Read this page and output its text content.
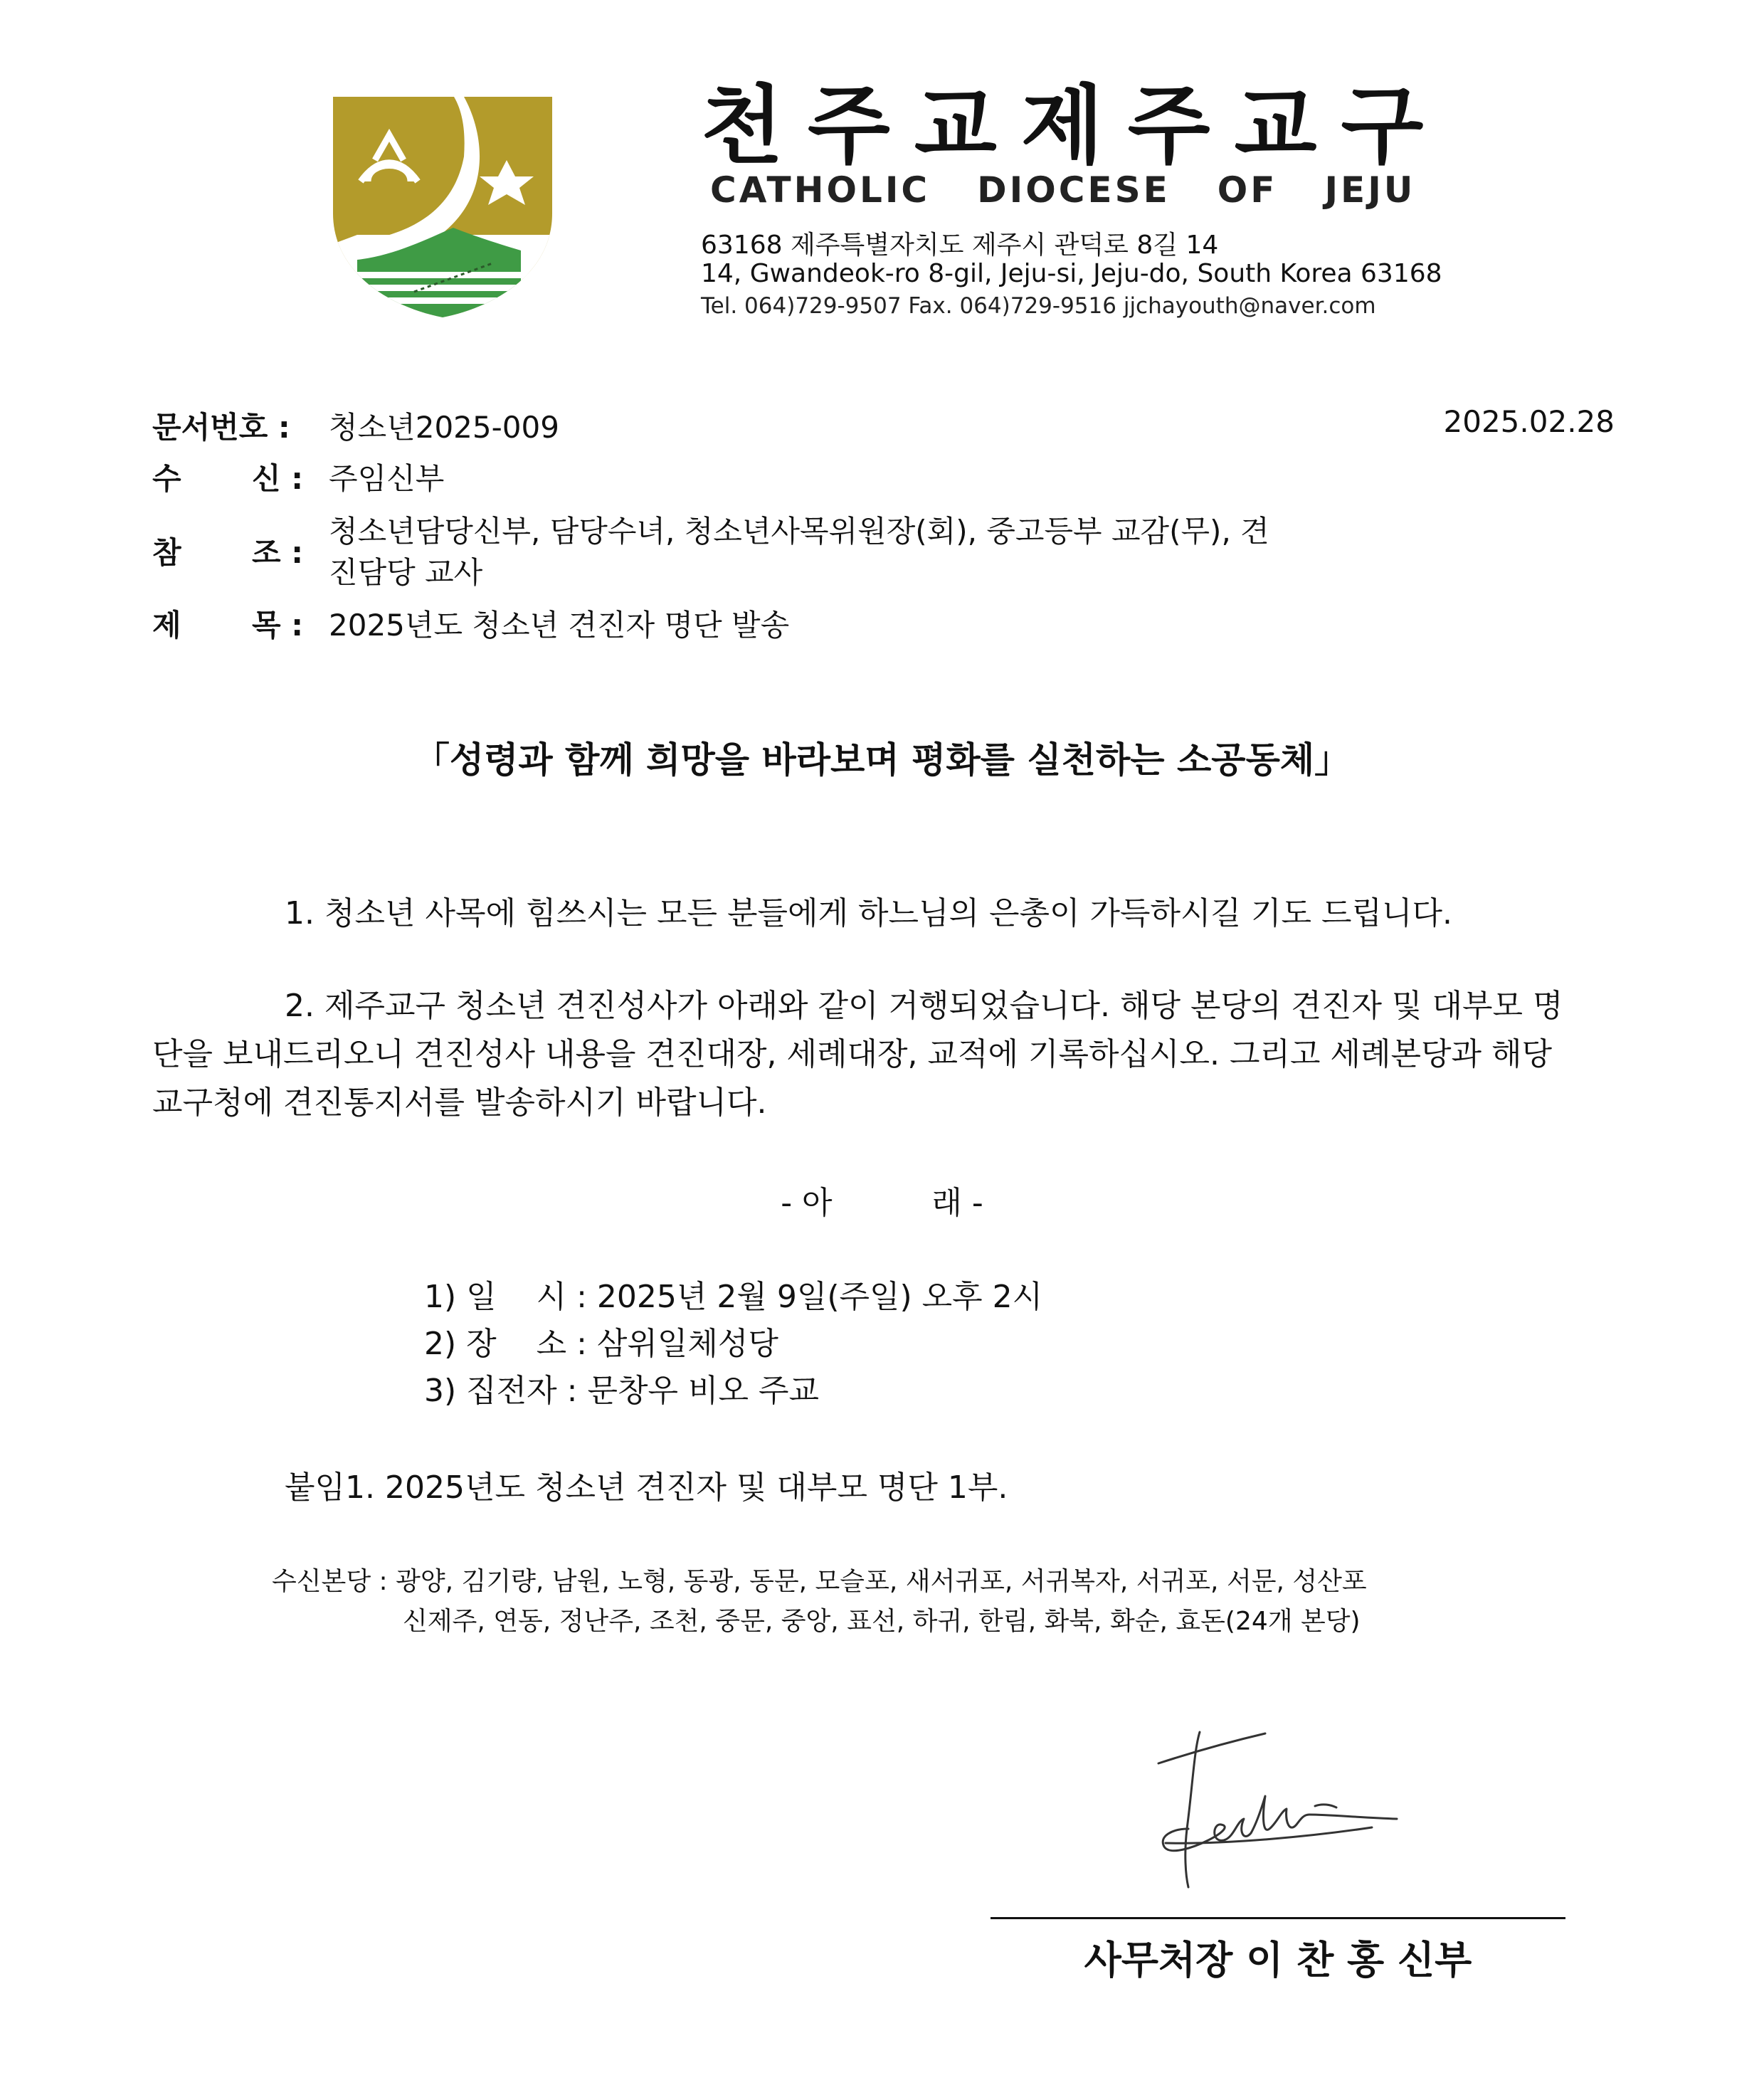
천주교제주교구
CATHOLIC DIOCESE OF JEJU
63168 제주특별자치도 제주시 관덕로 8길 14
14, Gwandeok-ro 8-gil, Jeju-si, Jeju-do, South Korea 63168
Tel. 064)729-9507 Fax. 064)729-9516 jjchayouth@naver.com
문서번호 :	청소년2025-009	2025.02.28
수 신 : 주임신부
참 조 :
청소년담당신부, 담당수녀, 청소년사목위원장(회), 중고등부 교감(무), 견
진담당 교사
제 목 : 2025년도 청소년 견진자 명단 발송
「성령과 함께 희망을 바라보며 평화를 실천하는 소공동체」
1. 청소년 사목에 힘쓰시는 모든 분들에게 하느님의 은총이 가득하시길 기도 드립니다.
2. 제주교구 청소년 견진성사가 아래와 같이 거행되었습니다. 해당 본당의 견진자 및 대부모 명
단을 보내드리오니 견진성사 내용을 견진대장, 세례대장, 교적에 기록하십시오. 그리고 세례본당과 해당
교구청에 견진통지서를 발송하시기 바랍니다.
- 아          래 -
1) 일    시 : 2025년 2월 9일(주일) 오후 2시
2) 장    소 : 삼위일체성당
3) 집전자 : 문창우 비오 주교
붙임1. 2025년도 청소년 견진자 및 대부모 명단 1부.
수신본당 : 광양, 김기량, 남원, 노형, 동광, 동문, 모슬포, 새서귀포, 서귀복자, 서귀포, 서문, 성산포
신제주, 연동, 정난주, 조천, 중문, 중앙, 표선, 하귀, 한림, 화북, 화순, 효돈(24개 본당)
사무처장 이 찬 홍 신부
